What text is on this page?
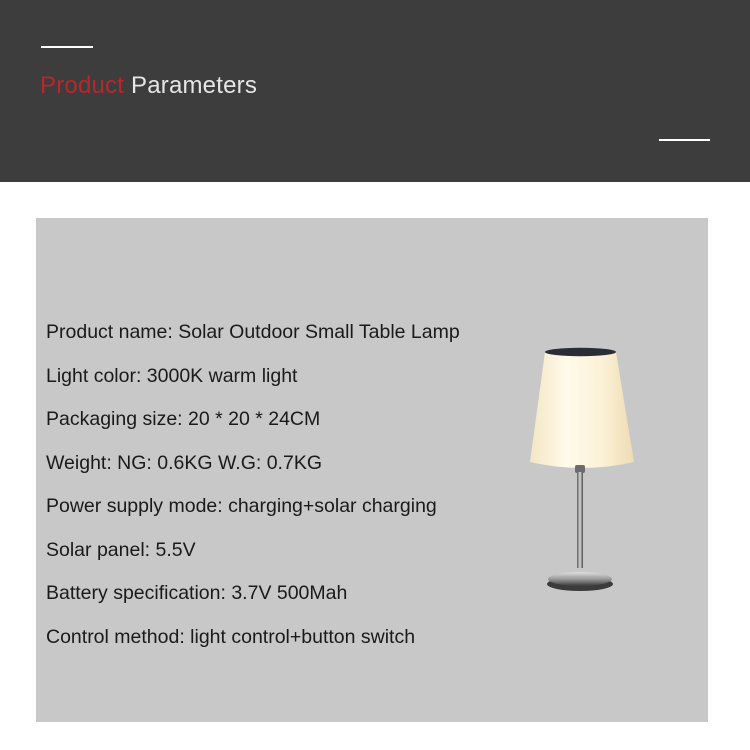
Product Parameters
Product name: Solar Outdoor Small Table Lamp
Light color: 3000K warm light
Packaging size: 20 * 20 * 24CM
Weight: NG: 0.6KG W.G: 0.7KG
Power supply mode: charging+solar charging
Solar panel: 5.5V
Battery specification: 3.7V 500Mah
Control method: light control+button switch
